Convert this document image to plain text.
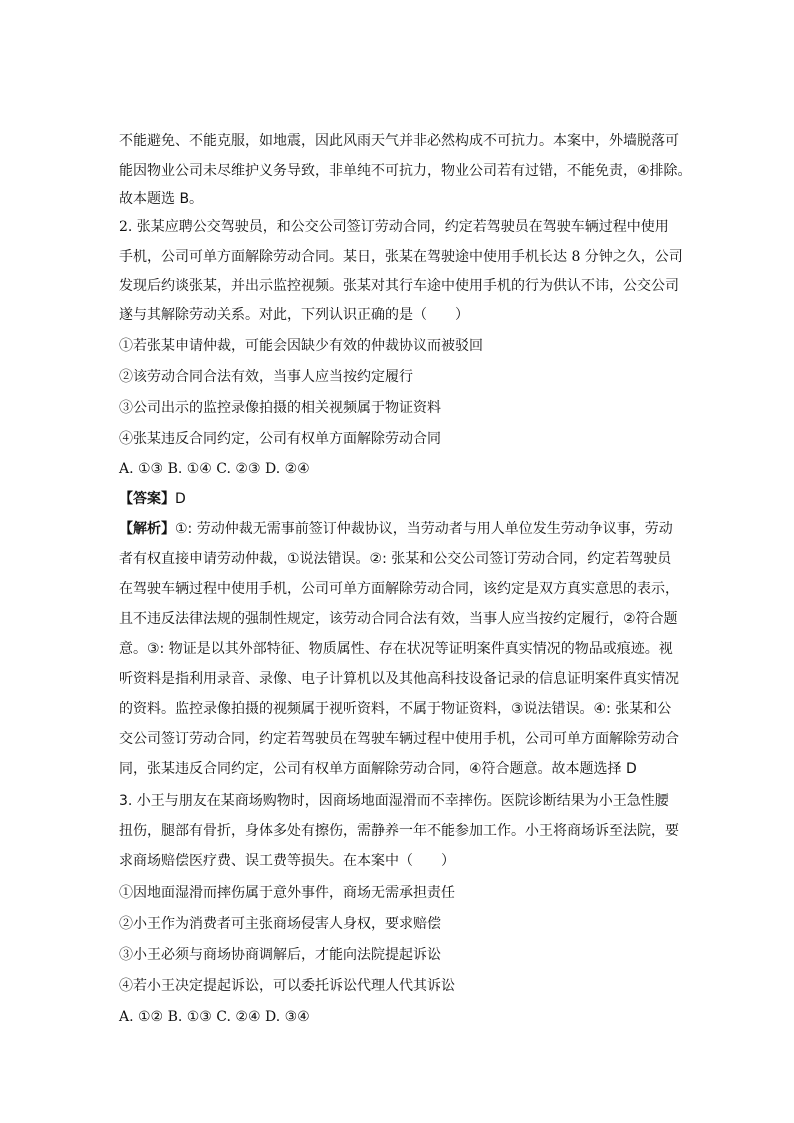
不能避免、不能克服，如地震，因此风雨天气并非必然构成不可抗力。本案中，外墙脱落可
能因物业公司未尽维护义务导致，非单纯不可抗力，物业公司若有过错，不能免责，④排除。
故本题选 B。
2. 张某应聘公交驾驶员，和公交公司签订劳动合同，约定若驾驶员在驾驶车辆过程中使用
手机，公司可单方面解除劳动合同。某日，张某在驾驶途中使用手机长达 8 分钟之久，公司
发现后约谈张某，并出示监控视频。张某对其行车途中使用手机的行为供认不讳，公交公司
遂与其解除劳动关系。对此，下列认识正确的是（　　）
①若张某申请仲裁，可能会因缺少有效的仲裁协议而被驳回
②该劳动合同合法有效，当事人应当按约定履行
③公司出示的监控录像拍摄的相关视频属于物证资料
④张某违反合同约定，公司有权单方面解除劳动合同
A. ①③ B. ①④ C. ②③ D. ②④
【答案】D
【解析】①: 劳动仲裁无需事前签订仲裁协议，当劳动者与用人单位发生劳动争议事，劳动
者有权直接申请劳动仲裁，①说法错误。②: 张某和公交公司签订劳动合同，约定若驾驶员
在驾驶车辆过程中使用手机，公司可单方面解除劳动合同，该约定是双方真实意思的表示，
且不违反法律法规的强制性规定，该劳动合同合法有效，当事人应当按约定履行，②符合题
意。③: 物证是以其外部特征、物质属性、存在状况等证明案件真实情况的物品或痕迹。视
听资料是指利用录音、录像、电子计算机以及其他高科技设备记录的信息证明案件真实情况
的资料。监控录像拍摄的视频属于视听资料，不属于物证资料，③说法错误。④: 张某和公
交公司签订劳动合同，约定若驾驶员在驾驶车辆过程中使用手机，公司可单方面解除劳动合
同，张某违反合同约定，公司有权单方面解除劳动合同，④符合题意。故本题选择 D
3. 小王与朋友在某商场购物时，因商场地面湿滑而不幸摔伤。医院诊断结果为小王急性腰
扭伤，腿部有骨折，身体多处有擦伤，需静养一年不能参加工作。小王将商场诉至法院，要
求商场赔偿医疗费、误工费等损失。在本案中（　　）
①因地面湿滑而摔伤属于意外事件，商场无需承担责任
②小王作为消费者可主张商场侵害人身权，要求赔偿
③小王必须与商场协商调解后，才能向法院提起诉讼
④若小王决定提起诉讼，可以委托诉讼代理人代其诉讼
A. ①② B. ①③ C. ②④ D. ③④
